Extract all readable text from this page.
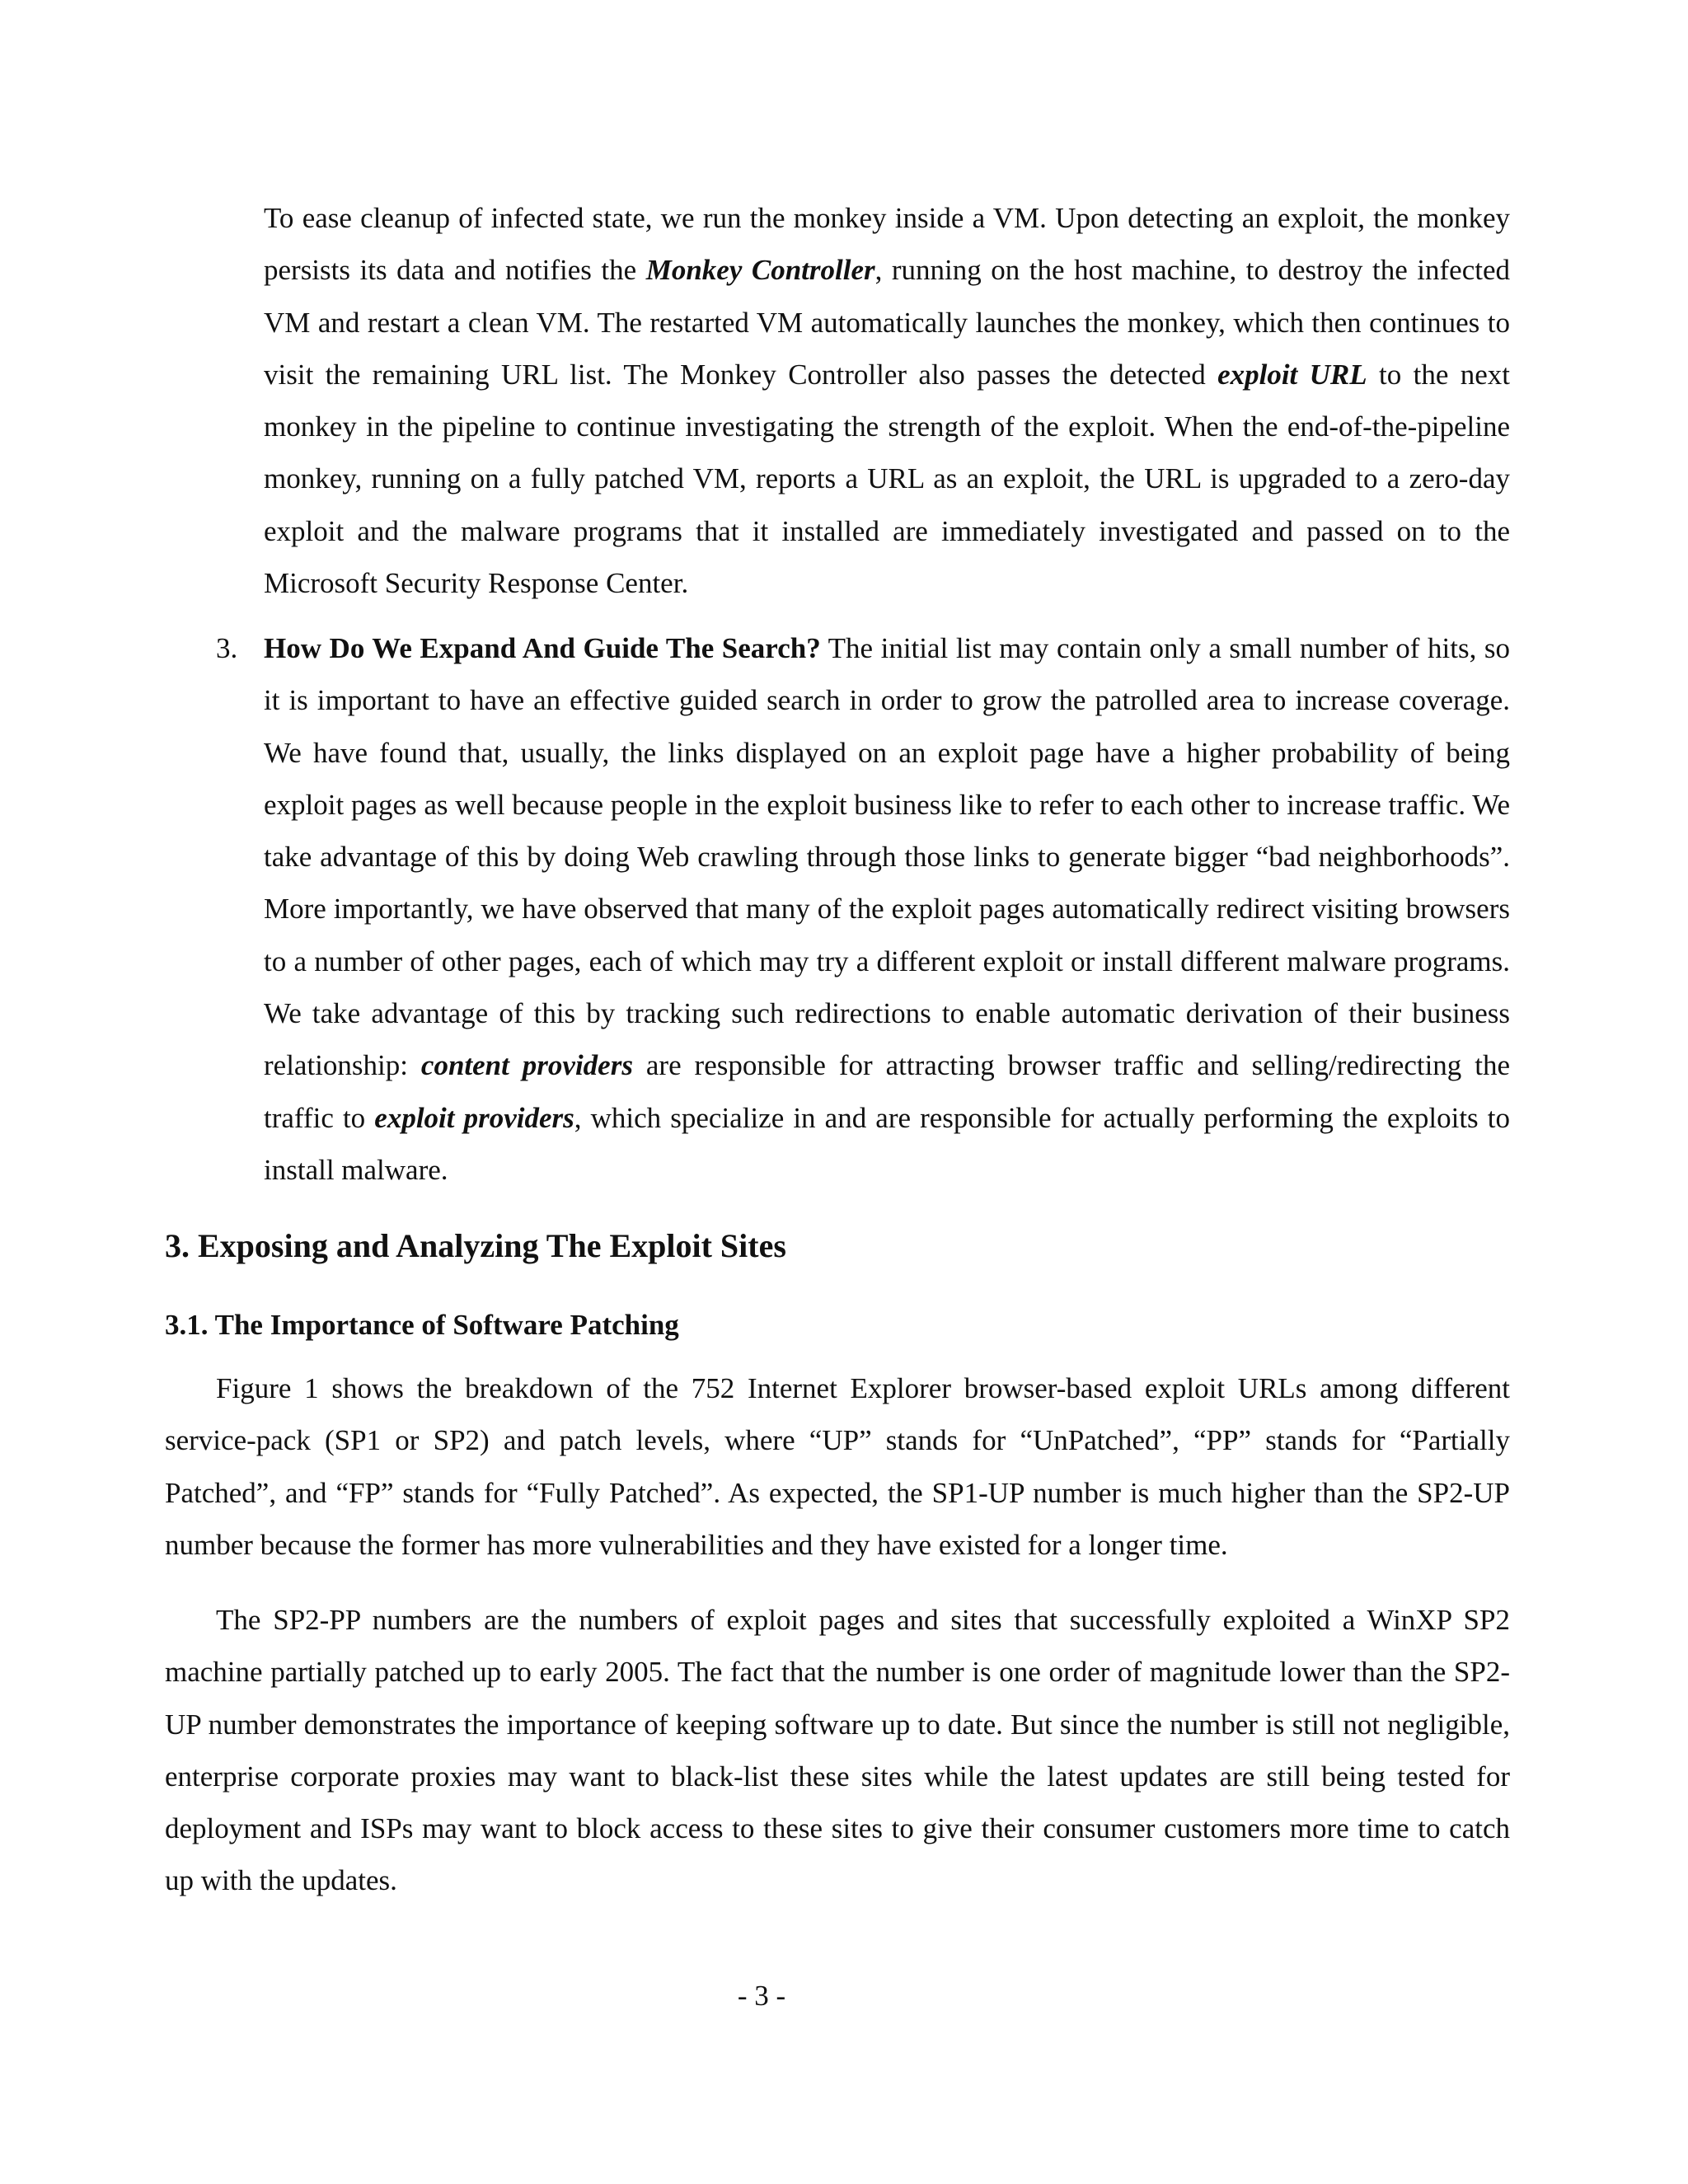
To ease cleanup of infected state, we run the monkey inside a VM. Upon detecting an exploit, the monkey persists its data and notifies the Monkey Controller, running on the host machine, to destroy the infected VM and restart a clean VM. The restarted VM automatically launches the monkey, which then continues to visit the remaining URL list. The Monkey Controller also passes the detected exploit URL to the next monkey in the pipeline to continue investigating the strength of the exploit. When the end-of-the-pipeline monkey, running on a fully patched VM, reports a URL as an exploit, the URL is upgraded to a zero-day exploit and the malware programs that it installed are immediately investigated and passed on to the Microsoft Security Response Center.

3. How Do We Expand And Guide The Search? The initial list may contain only a small number of hits, so it is important to have an effective guided search in order to grow the patrolled area to increase coverage. We have found that, usually, the links displayed on an exploit page have a higher probability of being exploit pages as well because people in the exploit business like to refer to each other to increase traffic. We take advantage of this by doing Web crawling through those links to generate bigger “bad neighborhoods”. More importantly, we have observed that many of the exploit pages automatically redirect visiting browsers to a number of other pages, each of which may try a different exploit or install different malware programs. We take advantage of this by tracking such redirections to enable automatic derivation of their business relationship: content providers are responsible for attracting browser traffic and selling/redirecting the traffic to exploit providers, which specialize in and are responsible for actually performing the exploits to install malware.

3. Exposing and Analyzing The Exploit Sites
3.1. The Importance of Software Patching

Figure 1 shows the breakdown of the 752 Internet Explorer browser-based exploit URLs among different service-pack (SP1 or SP2) and patch levels, where “UP” stands for “UnPatched”, “PP” stands for “Partially Patched”, and “FP” stands for “Fully Patched”. As expected, the SP1-UP number is much higher than the SP2-UP number because the former has more vulnerabilities and they have existed for a longer time.

The SP2-PP numbers are the numbers of exploit pages and sites that successfully exploited a WinXP SP2 machine partially patched up to early 2005. The fact that the number is one order of magnitude lower than the SP2-UP number demonstrates the importance of keeping software up to date. But since the number is still not negligible, enterprise corporate proxies may want to black-list these sites while the latest updates are still being tested for deployment and ISPs may want to block access to these sites to give their consumer customers more time to catch up with the updates.

- 3 -
